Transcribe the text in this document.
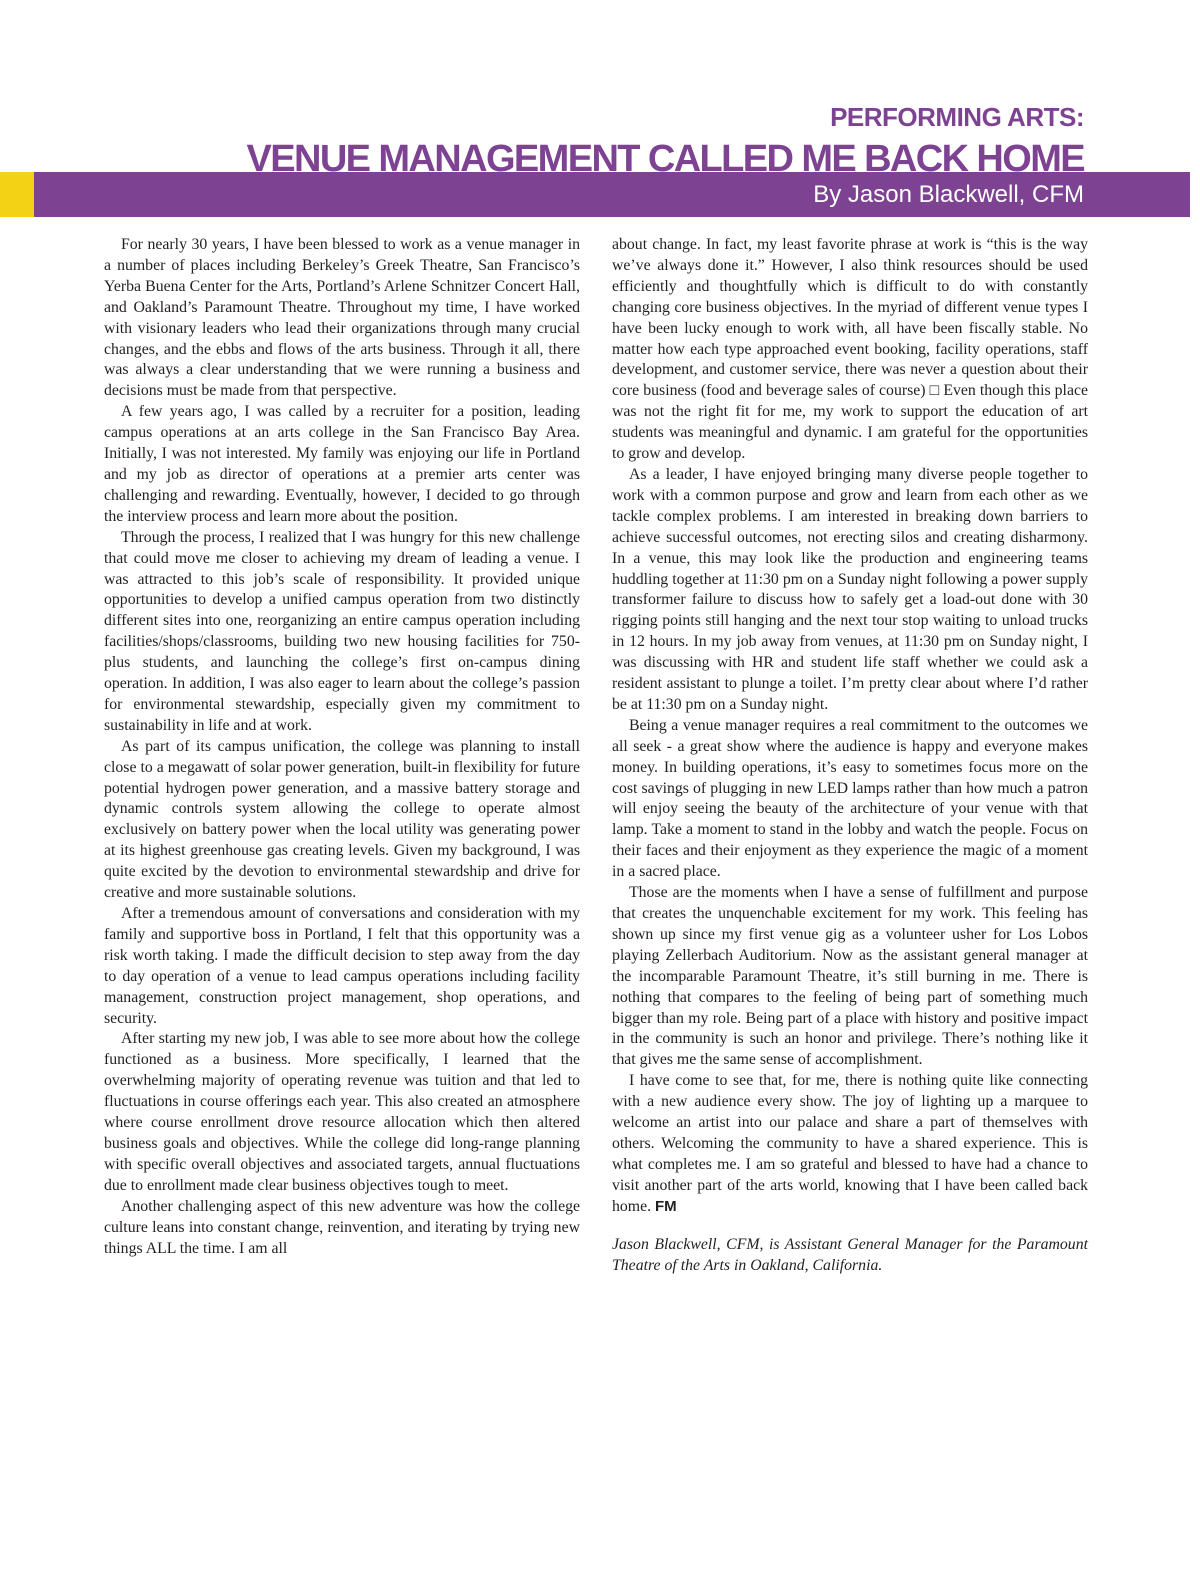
PERFORMING ARTS:
VENUE MANAGEMENT CALLED ME BACK HOME

By Jason Blackwell, CFM

For nearly 30 years, I have been blessed to work as a venue manager in a number of places including Berkeley’s Greek Theatre, San Francisco’s Yerba Buena Center for the Arts, Portland’s Arlene Schnitzer Concert Hall, and Oakland’s Paramount Theatre. Throughout my time, I have worked with visionary leaders who lead their organizations through many crucial changes, and the ebbs and flows of the arts business. Through it all, there was always a clear understanding that we were running a business and decisions must be made from that perspective.

A few years ago, I was called by a recruiter for a position, leading campus operations at an arts college in the San Francisco Bay Area. Initially, I was not interested. My family was enjoying our life in Portland and my job as director of operations at a premier arts center was challenging and rewarding. Eventually, however, I decided to go through the interview process and learn more about the position.

Through the process, I realized that I was hungry for this new challenge that could move me closer to achieving my dream of leading a venue. I was attracted to this job’s scale of responsibility. It provided unique opportunities to develop a unified campus operation from two distinctly different sites into one, reorganizing an entire campus operation including facilities/shops/classrooms, building two new housing facilities for 750-plus students, and launching the college’s first on-campus dining operation. In addition, I was also eager to learn about the college’s passion for environmental stewardship, especially given my commitment to sustainability in life and at work.

As part of its campus unification, the college was planning to install close to a megawatt of solar power generation, built-in flexibility for future potential hydrogen power generation, and a massive battery storage and dynamic controls system allowing the college to operate almost exclusively on battery power when the local utility was generating power at its highest greenhouse gas creating levels. Given my background, I was quite excited by the devotion to environmental stewardship and drive for creative and more sustainable solutions.

After a tremendous amount of conversations and consideration with my family and supportive boss in Portland, I felt that this opportunity was a risk worth taking. I made the difficult decision to step away from the day to day operation of a venue to lead campus operations including facility management, construction project management, shop operations, and security.

After starting my new job, I was able to see more about how the college functioned as a business. More specifically, I learned that the overwhelming majority of operating revenue was tuition and that led to fluctuations in course offerings each year. This also created an atmosphere where course enrollment drove resource allocation which then altered business goals and objectives. While the college did long-range planning with specific overall objectives and associated targets, annual fluctuations due to enrollment made clear business objectives tough to meet.

Another challenging aspect of this new adventure was how the college culture leans into constant change, reinvention, and iterating by trying new things ALL the time. I am all

about change. In fact, my least favorite phrase at work is “this is the way we’ve always done it.” However, I also think resources should be used efficiently and thoughtfully which is difficult to do with constantly changing core business objectives. In the myriad of different venue types I have been lucky enough to work with, all have been fiscally stable. No matter how each type approached event booking, facility operations, staff development, and customer service, there was never a question about their core business (food and beverage sales of course) □ Even though this place was not the right fit for me, my work to support the education of art students was meaningful and dynamic. I am grateful for the opportunities to grow and develop.

As a leader, I have enjoyed bringing many diverse people together to work with a common purpose and grow and learn from each other as we tackle complex problems. I am interested in breaking down barriers to achieve successful outcomes, not erecting silos and creating disharmony. In a venue, this may look like the production and engineering teams huddling together at 11:30 pm on a Sunday night following a power supply transformer failure to discuss how to safely get a load-out done with 30 rigging points still hanging and the next tour stop waiting to unload trucks in 12 hours. In my job away from venues, at 11:30 pm on Sunday night, I was discussing with HR and student life staff whether we could ask a resident assistant to plunge a toilet. I’m pretty clear about where I’d rather be at 11:30 pm on a Sunday night.

Being a venue manager requires a real commitment to the outcomes we all seek - a great show where the audience is happy and everyone makes money. In building operations, it’s easy to sometimes focus more on the cost savings of plugging in new LED lamps rather than how much a patron will enjoy seeing the beauty of the architecture of your venue with that lamp. Take a moment to stand in the lobby and watch the people. Focus on their faces and their enjoyment as they experience the magic of a moment in a sacred place.

Those are the moments when I have a sense of fulfillment and purpose that creates the unquenchable excitement for my work. This feeling has shown up since my first venue gig as a volunteer usher for Los Lobos playing Zellerbach Auditorium. Now as the assistant general manager at the incomparable Paramount Theatre, it’s still burning in me. There is nothing that compares to the feeling of being part of something much bigger than my role. Being part of a place with history and positive impact in the community is such an honor and privilege. There’s nothing like it that gives me the same sense of accomplishment.

I have come to see that, for me, there is nothing quite like connecting with a new audience every show. The joy of lighting up a marquee to welcome an artist into our palace and share a part of themselves with others. Welcoming the community to have a shared experience. This is what completes me. I am so grateful and blessed to have had a chance to visit another part of the arts world, knowing that I have been called back home. FM

Jason Blackwell, CFM, is Assistant General Manager for the Paramount Theatre of the Arts in Oakland, California.
